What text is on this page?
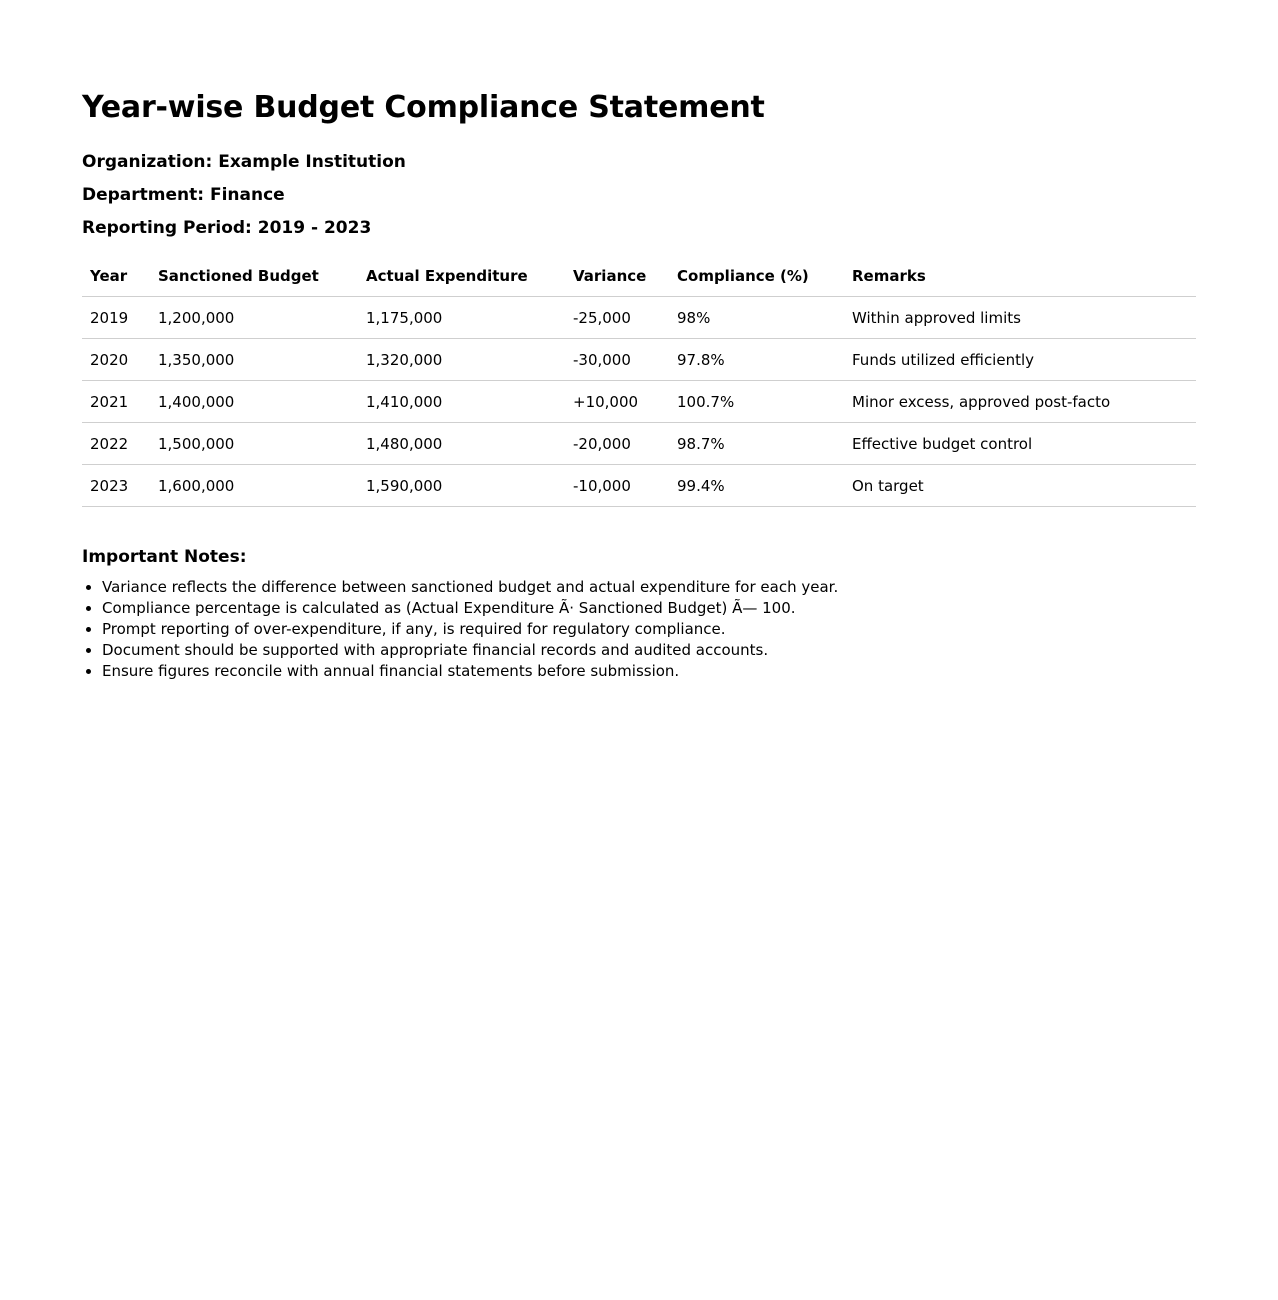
Year-wise Budget Compliance Statement

Organization: Example Institution

Department: Finance

Reporting Period: 2019 - 2023

Year	Sanctioned Budget	Actual Expenditure	Variance	Compliance (%)	Remarks
2019	1,200,000	1,175,000	-25,000	98%	Within approved limits
2020	1,350,000	1,320,000	-30,000	97.8%	Funds utilized efficiently
2021	1,400,000	1,410,000	+10,000	100.7%	Minor excess, approved post-facto
2022	1,500,000	1,480,000	-20,000	98.7%	Effective budget control
2023	1,600,000	1,590,000	-10,000	99.4%	On target
Important Notes:
• Variance reflects the difference between sanctioned budget and actual expenditure for each year.
• Compliance percentage is calculated as (Actual Expenditure Ã· Sanctioned Budget) Ã— 100.
• Prompt reporting of over-expenditure, if any, is required for regulatory compliance.
• Document should be supported with appropriate financial records and audited accounts.
• Ensure figures reconcile with annual financial statements before submission.
